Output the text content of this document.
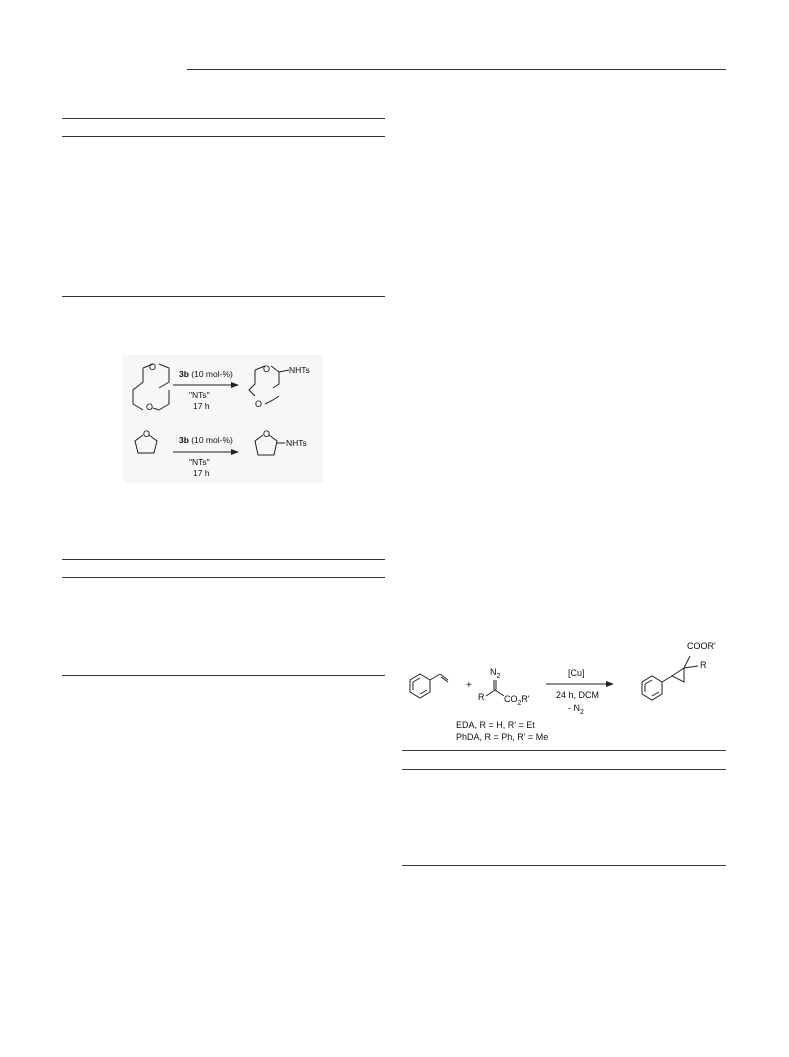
O
O
3b (10 mol-%)
"NTs"
17 h
O
O
NHTs
O
3b (10 mol-%)
"NTs"
17 h
O
NHTs
+
$N_2$
R $CO_2R'$
[Cu]
24 h, DCM
- $N_2$
COOR'
R
EDA, R = H, R' = Et
PhDA, R = Ph, R' = Me
